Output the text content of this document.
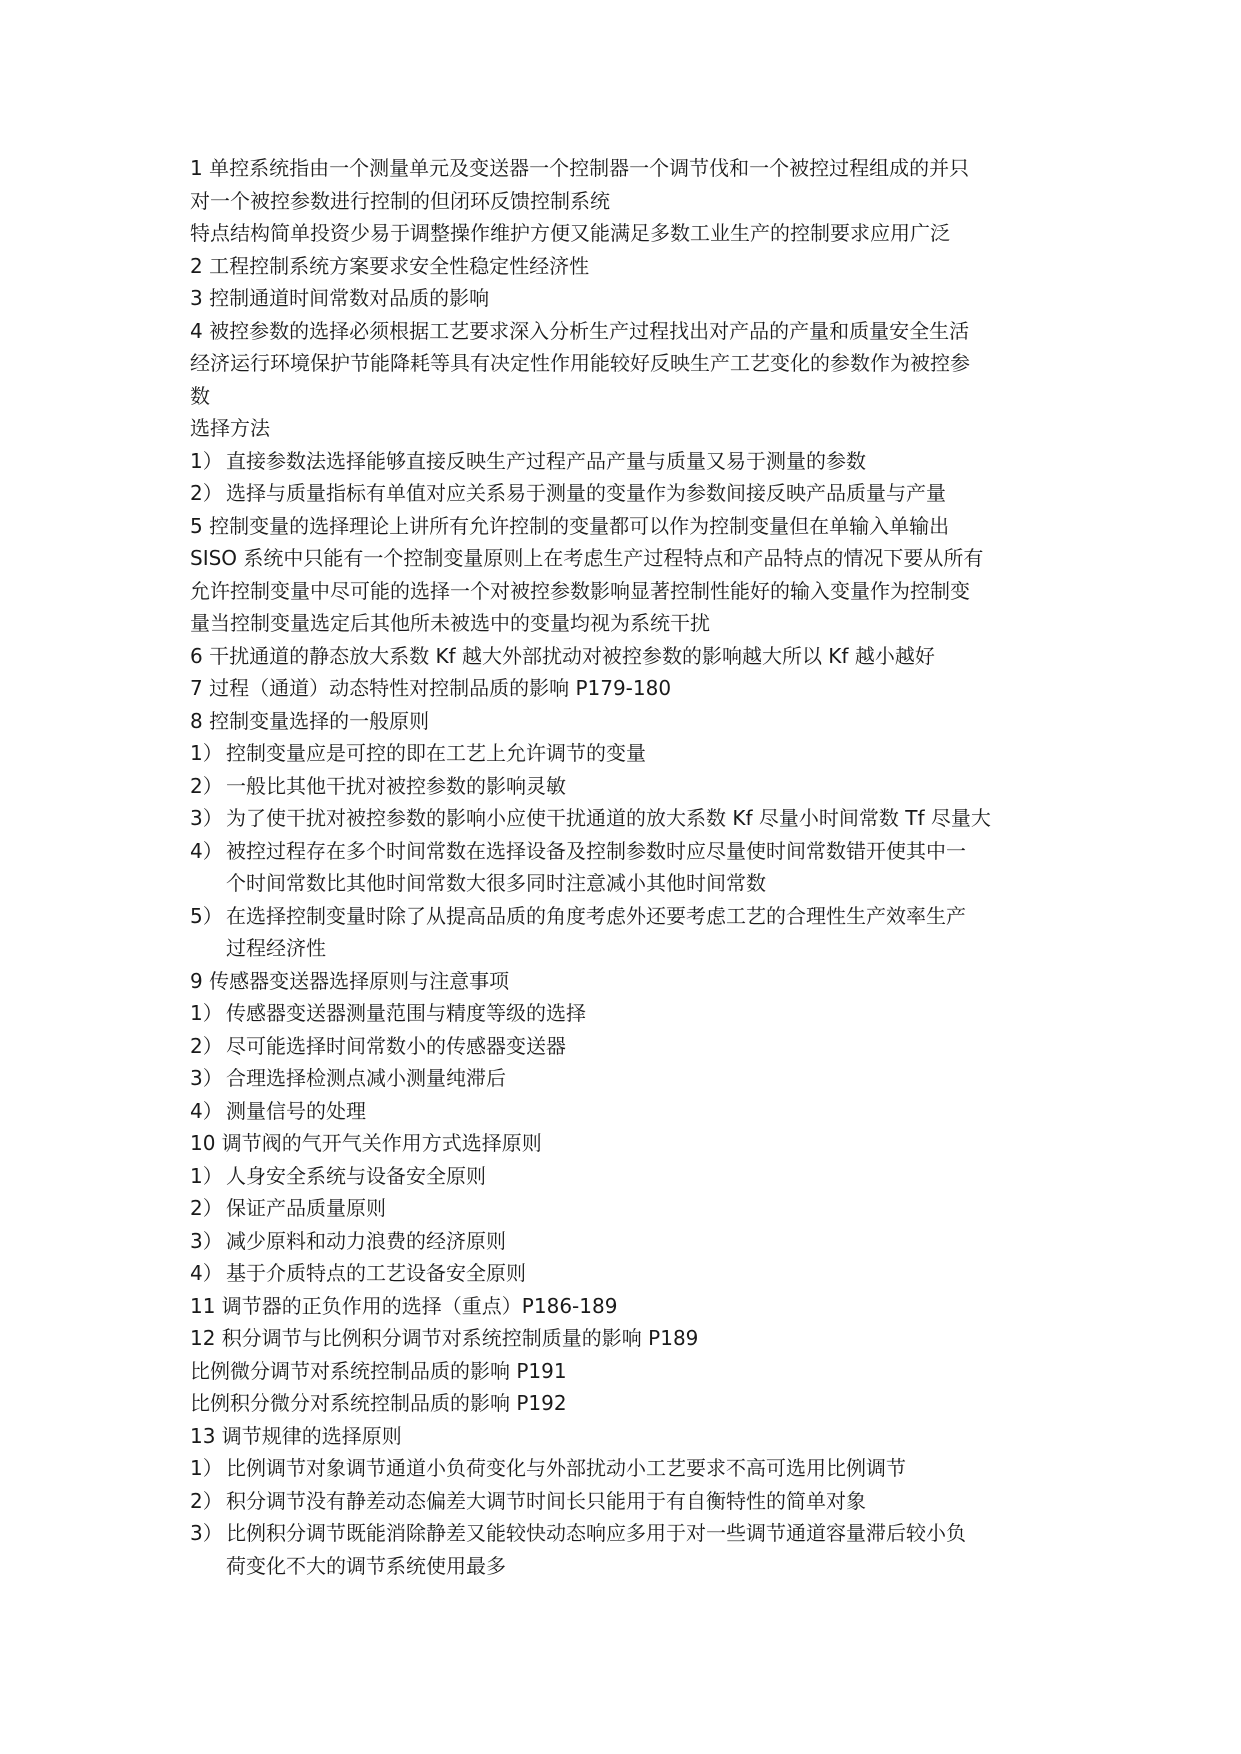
1 单控系统指由一个测量单元及变送器一个控制器一个调节伐和一个被控过程组成的并只
对一个被控参数进行控制的但闭环反馈控制系统
特点结构简单投资少易于调整操作维护方便又能满足多数工业生产的控制要求应用广泛
2 工程控制系统方案要求安全性稳定性经济性
3 控制通道时间常数对品质的影响
4 被控参数的选择必须根据工艺要求深入分析生产过程找出对产品的产量和质量安全生活
经济运行环境保护节能降耗等具有决定性作用能较好反映生产工艺变化的参数作为被控参
数
选择方法
1） 直接参数法选择能够直接反映生产过程产品产量与质量又易于测量的参数
2） 选择与质量指标有单值对应关系易于测量的变量作为参数间接反映产品质量与产量
5 控制变量的选择理论上讲所有允许控制的变量都可以作为控制变量但在单输入单输出
SISO 系统中只能有一个控制变量原则上在考虑生产过程特点和产品特点的情况下要从所有
允许控制变量中尽可能的选择一个对被控参数影响显著控制性能好的输入变量作为控制变
量当控制变量选定后其他所未被选中的变量均视为系统干扰
6 干扰通道的静态放大系数 Kf 越大外部扰动对被控参数的影响越大所以 Kf 越小越好
7 过程（通道）动态特性对控制品质的影响 P179-180
8 控制变量选择的一般原则
1） 控制变量应是可控的即在工艺上允许调节的变量
2） 一般比其他干扰对被控参数的影响灵敏
3） 为了使干扰对被控参数的影响小应使干扰通道的放大系数 Kf 尽量小时间常数 Tf 尽量大
4） 被控过程存在多个时间常数在选择设备及控制参数时应尽量使时间常数错开使其中一
个时间常数比其他时间常数大很多同时注意减小其他时间常数
5） 在选择控制变量时除了从提高品质的角度考虑外还要考虑工艺的合理性生产效率生产
过程经济性
9 传感器变送器选择原则与注意事项
1） 传感器变送器测量范围与精度等级的选择
2） 尽可能选择时间常数小的传感器变送器
3） 合理选择检测点减小测量纯滞后
4） 测量信号的处理
10 调节阀的气开气关作用方式选择原则
1） 人身安全系统与设备安全原则
2） 保证产品质量原则
3） 减少原料和动力浪费的经济原则
4） 基于介质特点的工艺设备安全原则
11 调节器的正负作用的选择（重点）P186-189
12 积分调节与比例积分调节对系统控制质量的影响 P189
比例微分调节对系统控制品质的影响 P191
比例积分微分对系统控制品质的影响 P192
13 调节规律的选择原则
1） 比例调节对象调节通道小负荷变化与外部扰动小工艺要求不高可选用比例调节
2） 积分调节没有静差动态偏差大调节时间长只能用于有自衡特性的简单对象
3） 比例积分调节既能消除静差又能较快动态响应多用于对一些调节通道容量滞后较小负
荷变化不大的调节系统使用最多
